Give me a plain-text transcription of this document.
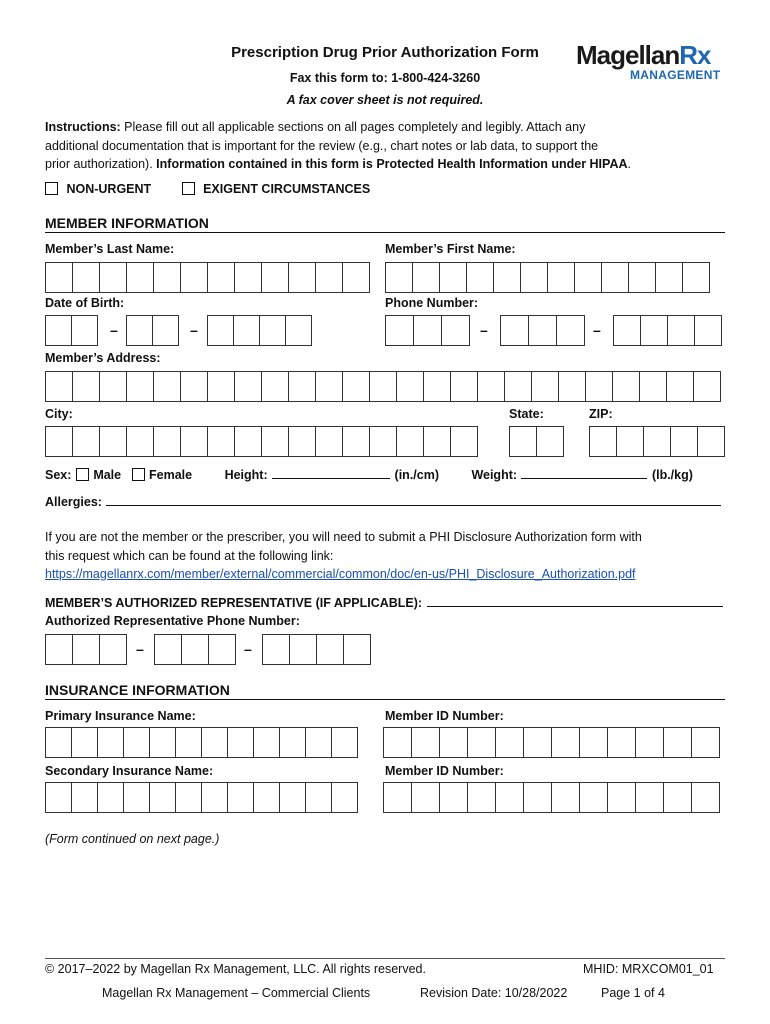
Prescription Drug Prior Authorization Form
Fax this form to: 1-800-424-3260
A fax cover sheet is not required.
MagellanRx
MANAGEMENT
Instructions: Please fill out all applicable sections on all pages completely and legibly. Attach any
additional documentation that is important for the review (e.g., chart notes or lab data, to support the
prior authorization). Information contained in this form is Protected Health Information under HIPAA.
NON-URGENT	EXIGENT CIRCUMSTANCES
MEMBER INFORMATION
Member’s Last Name:	Member’s First Name:
Date of Birth:	Phone Number:
–	–	–	–
Member’s Address:
City:	State:	ZIP:
Sex: Male Female	Height:	(in./cm)	Weight:	(lb./kg)
Allergies:
If you are not the member or the prescriber, you will need to submit a PHI Disclosure Authorization form with
this request which can be found at the following link:
https://magellanrx.com/member/external/commercial/common/doc/en-us/PHI_Disclosure_Authorization.pdf
MEMBER’S AUTHORIZED REPRESENTATIVE (IF APPLICABLE):
Authorized Representative Phone Number:
–	–
INSURANCE INFORMATION
Primary Insurance Name:	Member ID Number:
Secondary Insurance Name:	Member ID Number:
(Form continued on next page.)
© 2017–2022 by Magellan Rx Management, LLC. All rights reserved.	MHID: MRXCOM01_01
Magellan Rx Management – Commercial Clients	Revision Date: 10/28/2022	Page 1 of 4
